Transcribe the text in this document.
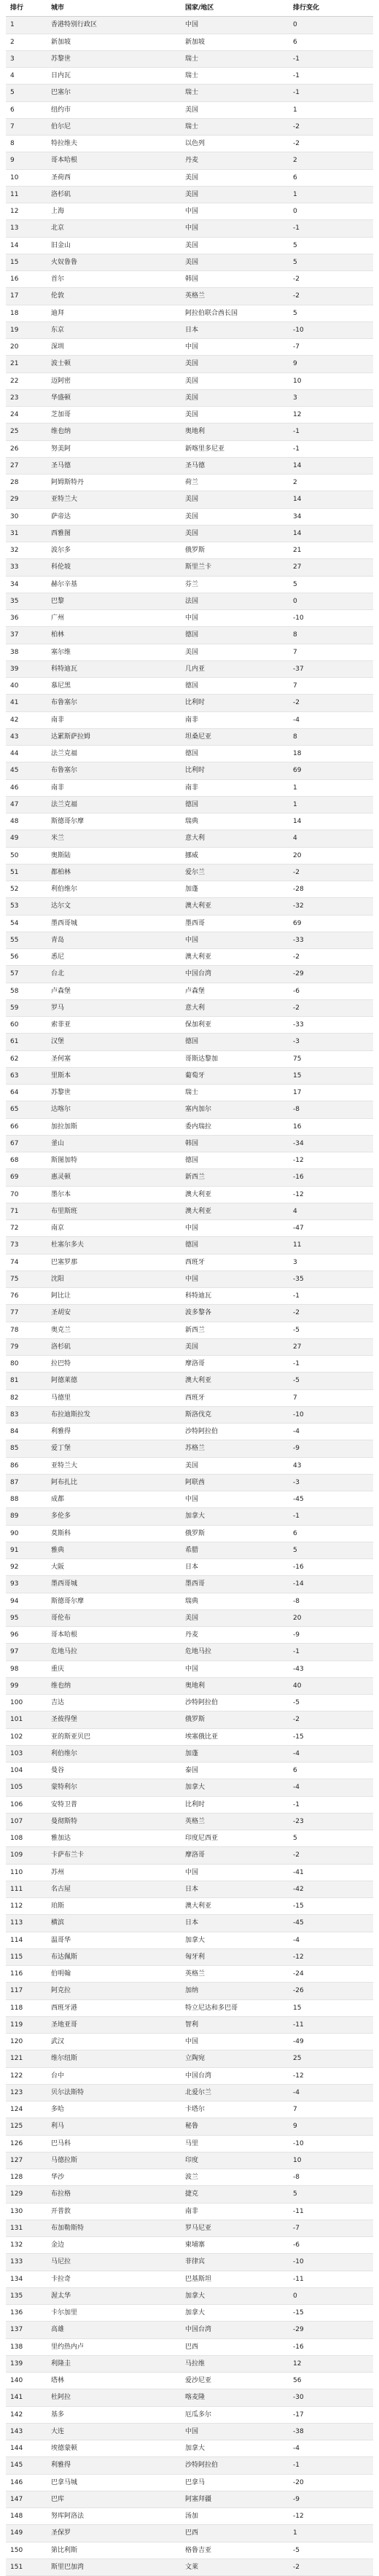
排行	城市	国家/地区	排行变化
1	香港特别行政区	中国	0
2	新加坡	新加坡	6
3	苏黎世	瑞士	-1
4	日内瓦	瑞士	-1
5	巴塞尔	瑞士	-1
6	纽约市	美国	1
7	伯尔尼	瑞士	-2
8	特拉维夫	以色列	-2
9	哥本哈根	丹麦	2
10	圣荷西	美国	6
11	洛杉矶	美国	1
12	上海	中国	0
13	北京	中国	-1
14	旧金山	美国	5
15	火奴鲁鲁	美国	5
16	首尔	韩国	-2
17	伦敦	英格兰	-2
18	迪拜	阿拉伯联合酋长国	5
19	东京	日本	-10
20	深圳	中国	-7
21	波士顿	美国	9
22	迈阿密	美国	10
23	华盛顿	美国	3
24	芝加哥	美国	12
25	维也纳	奥地利	-1
26	努美阿	新喀里多尼亚	-1
27	圣马德	圣马德	14
28	阿姆斯特丹	荷兰	2
29	亚特兰大	美国	14
30	萨帝达	美国	34
31	西雅图	美国	14
32	波尔多	俄罗斯	21
33	科伦坡	斯里兰卡	27
34	赫尔辛基	芬兰	5
35	巴黎	法国	0
36	广州	中国	-10
37	柏林	德国	8
38	塞尔维	美国	7
39	科特迪瓦	几内亚	-37
40	慕尼黑	德国	7
41	布鲁塞尔	比利时	-2
42	南非	南非	-4
43	达累斯萨拉姆	坦桑尼亚	8
44	法兰克福	德国	18
45	布鲁塞尔	比利时	69
46	南非	南非	1
47	法兰克福	德国	1
48	斯德哥尔摩	瑞典	14
49	米兰	意大利	4
50	奥斯陆	挪威	20
51	都柏林	爱尔兰	-2
52	利伯维尔	加蓬	-28
53	达尔文	澳大利亚	-32
54	墨西哥城	墨西哥	69
55	青岛	中国	-33
56	悉尼	澳大利亚	-2
57	台北	中国台湾	-29
58	卢森堡	卢森堡	-6
59	罗马	意大利	-2
60	索菲亚	保加利亚	-33
61	汉堡	德国	-3
62	圣何塞	哥斯达黎加	75
63	里斯本	葡萄牙	15
64	苏黎世	瑞士	17
65	达喀尔	塞内加尔	-8
66	加拉加斯	委内瑞拉	16
67	釜山	韩国	-34
68	斯图加特	德国	-12
69	惠灵顿	新西兰	-16
70	墨尔本	澳大利亚	-12
71	布里斯班	澳大利亚	4
72	南京	中国	-47
73	杜塞尔多夫	德国	11
74	巴塞罗那	西班牙	3
75	沈阳	中国	-35
76	阿比让	科特迪瓦	-1
77	圣胡安	波多黎各	-2
78	奥克兰	新西兰	-5
79	洛杉矶	美国	27
80	拉巴特	摩洛哥	-1
81	阿德莱德	澳大利亚	-5
82	马德里	西班牙	7
83	布拉迪斯拉发	斯洛伐克	-10
84	利雅得	沙特阿拉伯	-4
85	爱丁堡	苏格兰	-9
86	亚特兰大	美国	43
87	阿布扎比	阿联酋	-3
88	成都	中国	-45
89	多伦多	加拿大	-1
90	莫斯科	俄罗斯	6
91	雅典	希腊	5
92	大阪	日本	-16
93	墨西哥城	墨西哥	-14
94	斯德哥尔摩	瑞典	-8
95	哥伦布	美国	20
96	哥本哈根	丹麦	-9
97	危地马拉	危地马拉	-1
98	重庆	中国	-43
99	维也纳	奥地利	40
100	吉达	沙特阿拉伯	-5
101	圣彼得堡	俄罗斯	-2
102	亚的斯亚贝巴	埃塞俄比亚	-15
103	利伯维尔	加蓬	-4
104	曼谷	泰国	6
105	蒙特利尔	加拿大	-4
106	安特卫普	比利时	-1
107	曼彻斯特	英格兰	-23
108	雅加达	印度尼西亚	5
109	卡萨布兰卡	摩洛哥	-2
110	苏州	中国	-41
111	名古屋	日本	-42
112	珀斯	澳大利亚	-15
113	横滨	日本	-45
114	温哥华	加拿大	-4
115	布达佩斯	匈牙利	-12
116	伯明翰	英格兰	-24
117	阿克拉	加纳	-26
118	西班牙港	特立尼达和多巴哥	15
119	圣地亚哥	智利	-11
120	武汉	中国	-49
121	维尔纽斯	立陶宛	25
122	台中	中国台湾	-12
123	贝尔法斯特	北爱尔兰	-4
124	多哈	卡塔尔	7
125	利马	秘鲁	9
126	巴马科	马里	-10
127	马德拉斯	印度	10
128	华沙	波兰	-8
129	布拉格	捷克	5
130	开普敦	南非	-11
131	布加勒斯特	罗马尼亚	-7
132	金边	柬埔寨	-6
133	马尼拉	菲律宾	-10
134	卡拉奇	巴基斯坦	-11
135	渥太华	加拿大	0
136	卡尔加里	加拿大	-15
137	高雄	中国台湾	-29
138	里约热内卢	巴西	-16
139	利隆圭	马拉维	12
140	塔林	爱沙尼亚	56
141	杜阿拉	喀麦隆	-30
142	基多	厄瓜多尔	-17
143	大连	中国	-38
144	埃德蒙顿	加拿大	-4
145	利雅得	沙特阿拉伯	-1
146	巴拿马城	巴拿马	-20
147	巴库	阿塞拜疆	-9
148	努库阿洛法	汤加	-12
149	圣保罗	巴西	1
150	第比利斯	格鲁吉亚	-5
151	斯里巴加湾	文莱	-2
